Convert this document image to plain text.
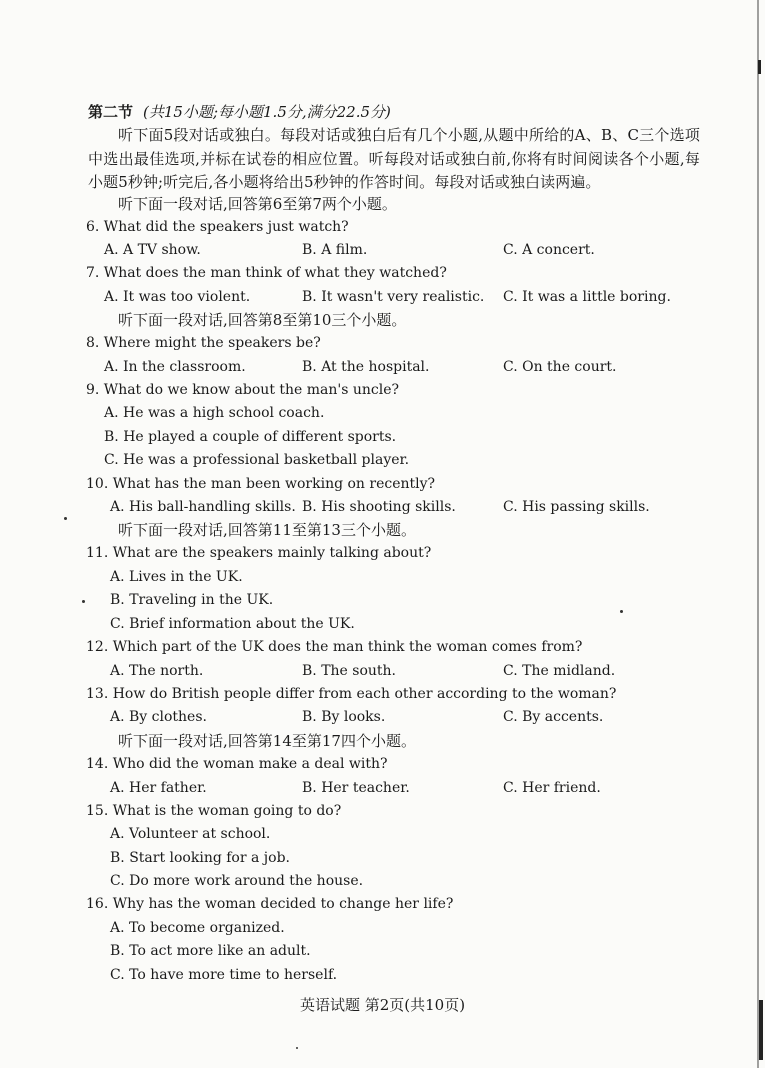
第二节 (共15小题;每小题1.5分,满分22.5分)
听下面5段对话或独白。每段对话或独白后有几个小题,从题中所给的A、B、C三个选项中选出最佳选项,并标在试卷的相应位置。听每段对话或独白前,你将有时间阅读各个小题,每小题5秒钟;听完后,各小题将给出5秒钟的作答时间。每段对话或独白读两遍。
听下面一段对话,回答第6至第7两个小题。
6. What did the speakers just watch?
A. A TV show.	B. A film.	C. A concert.
7. What does the man think of what they watched?
A. It was too violent.	B. It wasn't very realistic. C. It was a little boring.
听下面一段对话,回答第8至第10三个小题。
8. Where might the speakers be?
A. In the classroom.	B. At the hospital.	C. On the court.
9. What do we know about the man's uncle?
A. He was a high school coach.
B. He played a couple of different sports.
C. He was a professional basketball player.
10. What has the man been working on recently?
A. His ball-handling skills. B. His shooting skills.	C. His passing skills.
听下面一段对话,回答第11至第13三个小题。
11. What are the speakers mainly talking about?
A. Lives in the UK.
B. Traveling in the UK.
C. Brief information about the UK.
12. Which part of the UK does the man think the woman comes from?
A. The north.	B. The south.	C. The midland.
13. How do British people differ from each other according to the woman?
A. By clothes.	B. By looks.	C. By accents.
听下面一段对话,回答第14至第17四个小题。
14. Who did the woman make a deal with?
A. Her father.	B. Her teacher.	C. Her friend.
15. What is the woman going to do?
A. Volunteer at school.
B. Start looking for a job.
C. Do more work around the house.
16. Why has the woman decided to change her life?
A. To become organized.
B. To act more like an adult.
C. To have more time to herself.
英语试题 第2页(共10页)
